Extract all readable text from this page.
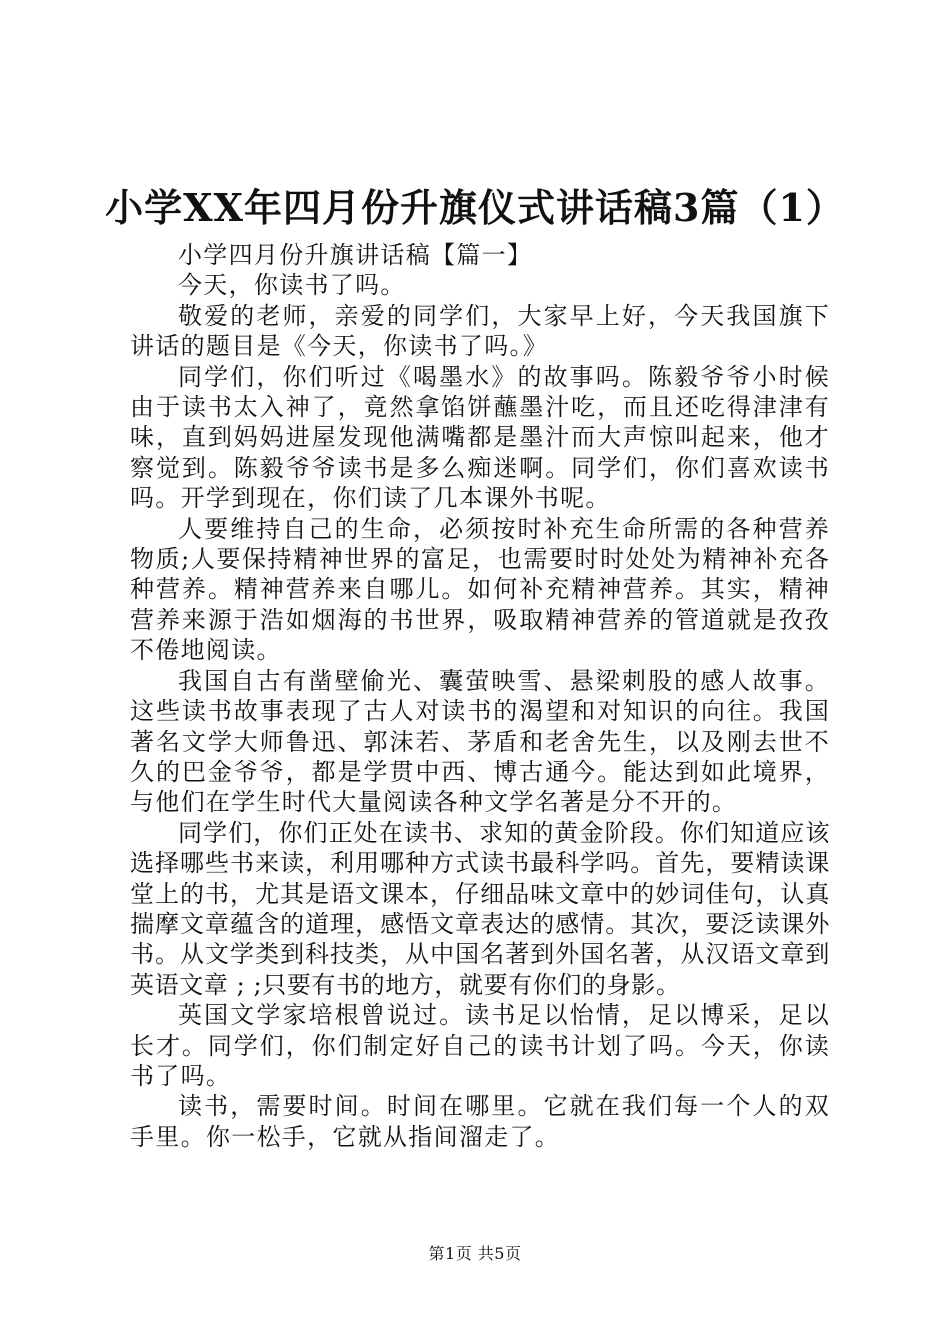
小学XX年四月份升旗仪式讲话稿3篇（1）

小学四月份升旗讲话稿【篇一】

今天，你读书了吗。

敬爱的老师，亲爱的同学们，大家早上好，今天我国旗下讲话的题目是《今天，你读书了吗。》

同学们，你们听过《喝墨水》的故事吗。陈毅爷爷小时候由于读书太入神了，竟然拿馅饼蘸墨汁吃，而且还吃得津津有味，直到妈妈进屋发现他满嘴都是墨汁而大声惊叫起来，他才察觉到。陈毅爷爷读书是多么痴迷啊。同学们，你们喜欢读书吗。开学到现在，你们读了几本课外书呢。

人要维持自己的生命，必须按时补充生命所需的各种营养物质;人要保持精神世界的富足，也需要时时处处为精神补充各种营养。精神营养来自哪儿。如何补充精神营养。其实，精神营养来源于浩如烟海的书世界，吸取精神营养的管道就是孜孜不倦地阅读。

我国自古有凿壁偷光、囊萤映雪、悬梁刺股的感人故事。这些读书故事表现了古人对读书的渴望和对知识的向往。我国著名文学大师鲁迅、郭沫若、茅盾和老舍先生，以及刚去世不久的巴金爷爷，都是学贯中西、博古通今。能达到如此境界，与他们在学生时代大量阅读各种文学名著是分不开的。

同学们，你们正处在读书、求知的黄金阶段。你们知道应该选择哪些书来读，利用哪种方式读书最科学吗。首先，要精读课堂上的书，尤其是语文课本，仔细品味文章中的妙词佳句，认真揣摩文章蕴含的道理，感悟文章表达的感情。其次，要泛读课外书。从文学类到科技类，从中国名著到外国名著，从汉语文章到英语文章 ; ;只要有书的地方，就要有你们的身影。

英国文学家培根曾说过。读书足以怡情，足以博采，足以长才。同学们，你们制定好自己的读书计划了吗。今天，你读书了吗。

读书，需要时间。时间在哪里。它就在我们每一个人的双手里。你一松手，它就从指间溜走了。

第1页 共5页
